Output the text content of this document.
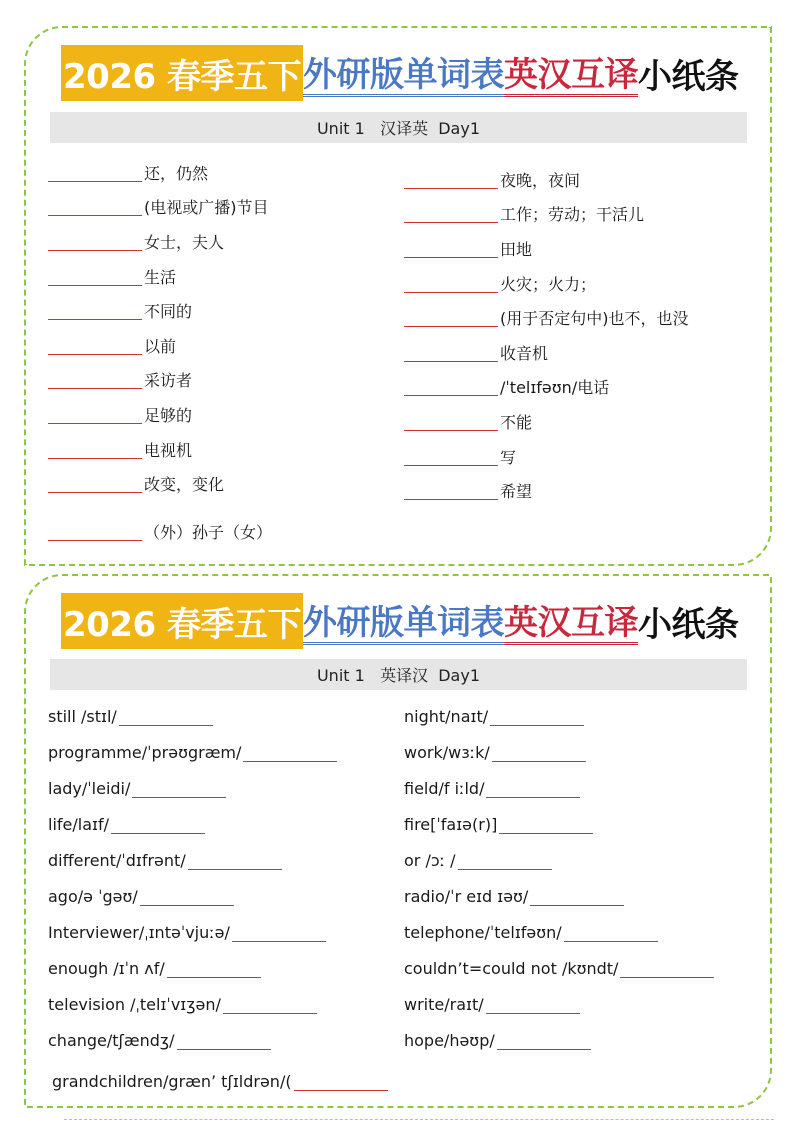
2026 春季五下 外研版单词表 英汉互译 小纸条
Unit 1   汉译英  Day1
还，仍然
(电视或广播)节目
女士，夫人
生活
不同的
以前
采访者
足够的
电视机
改变，变化
夜晚，夜间
工作；劳动；干活儿
田地
火灾；火力；
(用于否定句中)也不，也没
收音机
/ˈtelɪfəʊn/电话
不能
写
希望
（外）孙子（女）
2026 春季五下 外研版单词表 英汉互译 小纸条
Unit 1   英译汉  Day1
still /stɪl/
programme/ˈprəʊgræm/
lady/ˈleidi/
life/laɪf/
different/ˈdɪfrənt/
ago/ə ˈgəʊ/
Interviewer/ˌɪntəˈvjuːə/
enough /ɪˈn ʌf/
television /ˌtelɪˈvɪʒən/
change/tʃændʒ/
night/naɪt/
work/wɜːk/
field/f iːld/
fire[ˈfaɪə(r)]
or /ɔː /
radio/ˈr eɪd ɪəʊ/
telephone/ˈtelɪfəʊn/
couldn’t=could not /kʊndt/
write/raɪt/
hope/həʊp/
grandchildren/græn’ tʃɪldrən/(
